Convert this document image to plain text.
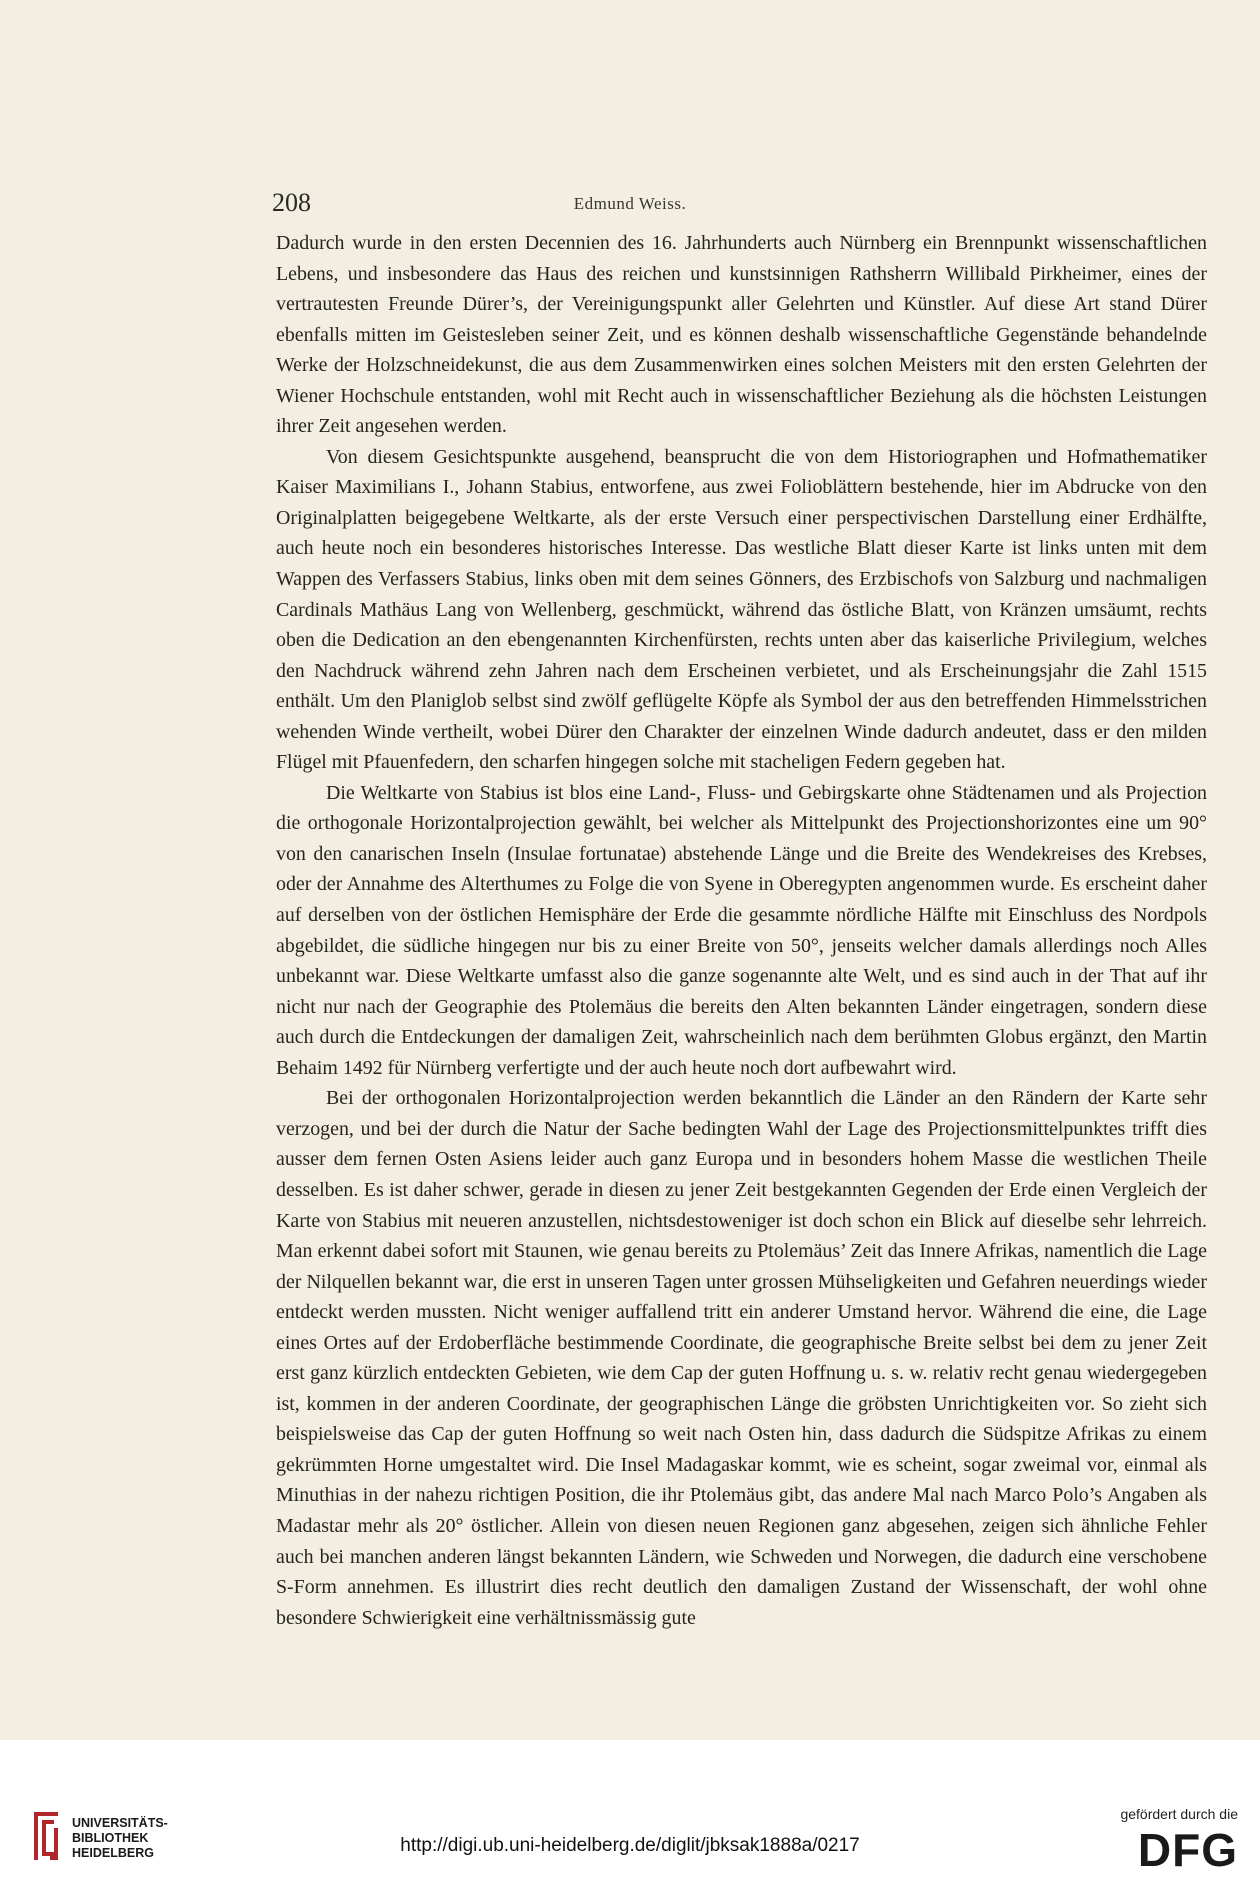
208	Edmund Weiss.

Dadurch wurde in den ersten Decennien des 16. Jahrhunderts auch Nürnberg ein Brennpunkt wissenschaftlichen Lebens, und insbesondere das Haus des reichen und kunstsinnigen Rathsherrn Willibald Pirkheimer, eines der vertrautesten Freunde Dürer’s, der Vereinigungspunkt aller Gelehrten und Künstler. Auf diese Art stand Dürer ebenfalls mitten im Geistesleben seiner Zeit, und es können deshalb wissenschaftliche Gegenstände behandelnde Werke der Holzschneidekunst, die aus dem Zusammenwirken eines solchen Meisters mit den ersten Gelehrten der Wiener Hochschule entstanden, wohl mit Recht auch in wissenschaftlicher Beziehung als die höchsten Leistungen ihrer Zeit angesehen werden.

Von diesem Gesichtspunkte ausgehend, beansprucht die von dem Historiographen und Hofmathematiker Kaiser Maximilians I., Johann Stabius, entworfene, aus zwei Folioblättern bestehende, hier im Abdrucke von den Originalplatten beigegebene Weltkarte, als der erste Versuch einer perspectivischen Darstellung einer Erdhälfte, auch heute noch ein besonderes historisches Interesse. Das westliche Blatt dieser Karte ist links unten mit dem Wappen des Verfassers Stabius, links oben mit dem seines Gönners, des Erzbischofs von Salzburg und nachmaligen Cardinals Mathäus Lang von Wellenberg, geschmückt, während das östliche Blatt, von Kränzen umsäumt, rechts oben die Dedication an den ebengenannten Kirchenfürsten, rechts unten aber das kaiserliche Privilegium, welches den Nachdruck während zehn Jahren nach dem Erscheinen verbietet, und als Erscheinungsjahr die Zahl 1515 enthält. Um den Planiglob selbst sind zwölf geflügelte Köpfe als Symbol der aus den betreffenden Himmelsstrichen wehenden Winde vertheilt, wobei Dürer den Charakter der einzelnen Winde dadurch andeutet, dass er den milden Flügel mit Pfauenfedern, den scharfen hingegen solche mit stacheligen Federn gegeben hat.

Die Weltkarte von Stabius ist blos eine Land-, Fluss- und Gebirgskarte ohne Städtenamen und als Projection die orthogonale Horizontalprojection gewählt, bei welcher als Mittelpunkt des Projectionshorizontes eine um 90° von den canarischen Inseln (Insulae fortunatae) abstehende Länge und die Breite des Wendekreises des Krebses, oder der Annahme des Alterthumes zu Folge die von Syene in Oberegypten angenommen wurde. Es erscheint daher auf derselben von der östlichen Hemisphäre der Erde die gesammte nördliche Hälfte mit Einschluss des Nordpols abgebildet, die südliche hingegen nur bis zu einer Breite von 50°, jenseits welcher damals allerdings noch Alles unbekannt war. Diese Weltkarte umfasst also die ganze sogenannte alte Welt, und es sind auch in der That auf ihr nicht nur nach der Geographie des Ptolemäus die bereits den Alten bekannten Länder eingetragen, sondern diese auch durch die Entdeckungen der damaligen Zeit, wahrscheinlich nach dem berühmten Globus ergänzt, den Martin Behaim 1492 für Nürnberg verfertigte und der auch heute noch dort aufbewahrt wird.

Bei der orthogonalen Horizontalprojection werden bekanntlich die Länder an den Rändern der Karte sehr verzogen, und bei der durch die Natur der Sache bedingten Wahl der Lage des Projectionsmittelpunktes trifft dies ausser dem fernen Osten Asiens leider auch ganz Europa und in besonders hohem Masse die westlichen Theile desselben. Es ist daher schwer, gerade in diesen zu jener Zeit bestgekannten Gegenden der Erde einen Vergleich der Karte von Stabius mit neueren anzustellen, nichtsdestoweniger ist doch schon ein Blick auf dieselbe sehr lehrreich. Man erkennt dabei sofort mit Staunen, wie genau bereits zu Ptolemäus’ Zeit das Innere Afrikas, namentlich die Lage der Nilquellen bekannt war, die erst in unseren Tagen unter grossen Mühseligkeiten und Gefahren neuerdings wieder entdeckt werden mussten. Nicht weniger auffallend tritt ein anderer Umstand hervor. Während die eine, die Lage eines Ortes auf der Erdoberfläche bestimmende Coordinate, die geographische Breite selbst bei dem zu jener Zeit erst ganz kürzlich entdeckten Gebieten, wie dem Cap der guten Hoffnung u. s. w. relativ recht genau wiedergegeben ist, kommen in der anderen Coordinate, der geographischen Länge die gröbsten Unrichtigkeiten vor. So zieht sich beispielsweise das Cap der guten Hoffnung so weit nach Osten hin, dass dadurch die Südspitze Afrikas zu einem gekrümmten Horne umgestaltet wird. Die Insel Madagaskar kommt, wie es scheint, sogar zweimal vor, einmal als Minuthias in der nahezu richtigen Position, die ihr Ptolemäus gibt, das andere Mal nach Marco Polo’s Angaben als Madastar mehr als 20° östlicher. Allein von diesen neuen Regionen ganz abgesehen, zeigen sich ähnliche Fehler auch bei manchen anderen längst bekannten Ländern, wie Schweden und Norwegen, die dadurch eine verschobene S-Form annehmen. Es illustrirt dies recht deutlich den damaligen Zustand der Wissenschaft, der wohl ohne besondere Schwierigkeit eine verhältnissmässig gute

UNIVERSITÄTS-
BIBLIOTHEK
HEIDELBERG	http://digi.ub.uni-heidelberg.de/diglit/jbksak1888a/0217
gefördert durch die
DFG
